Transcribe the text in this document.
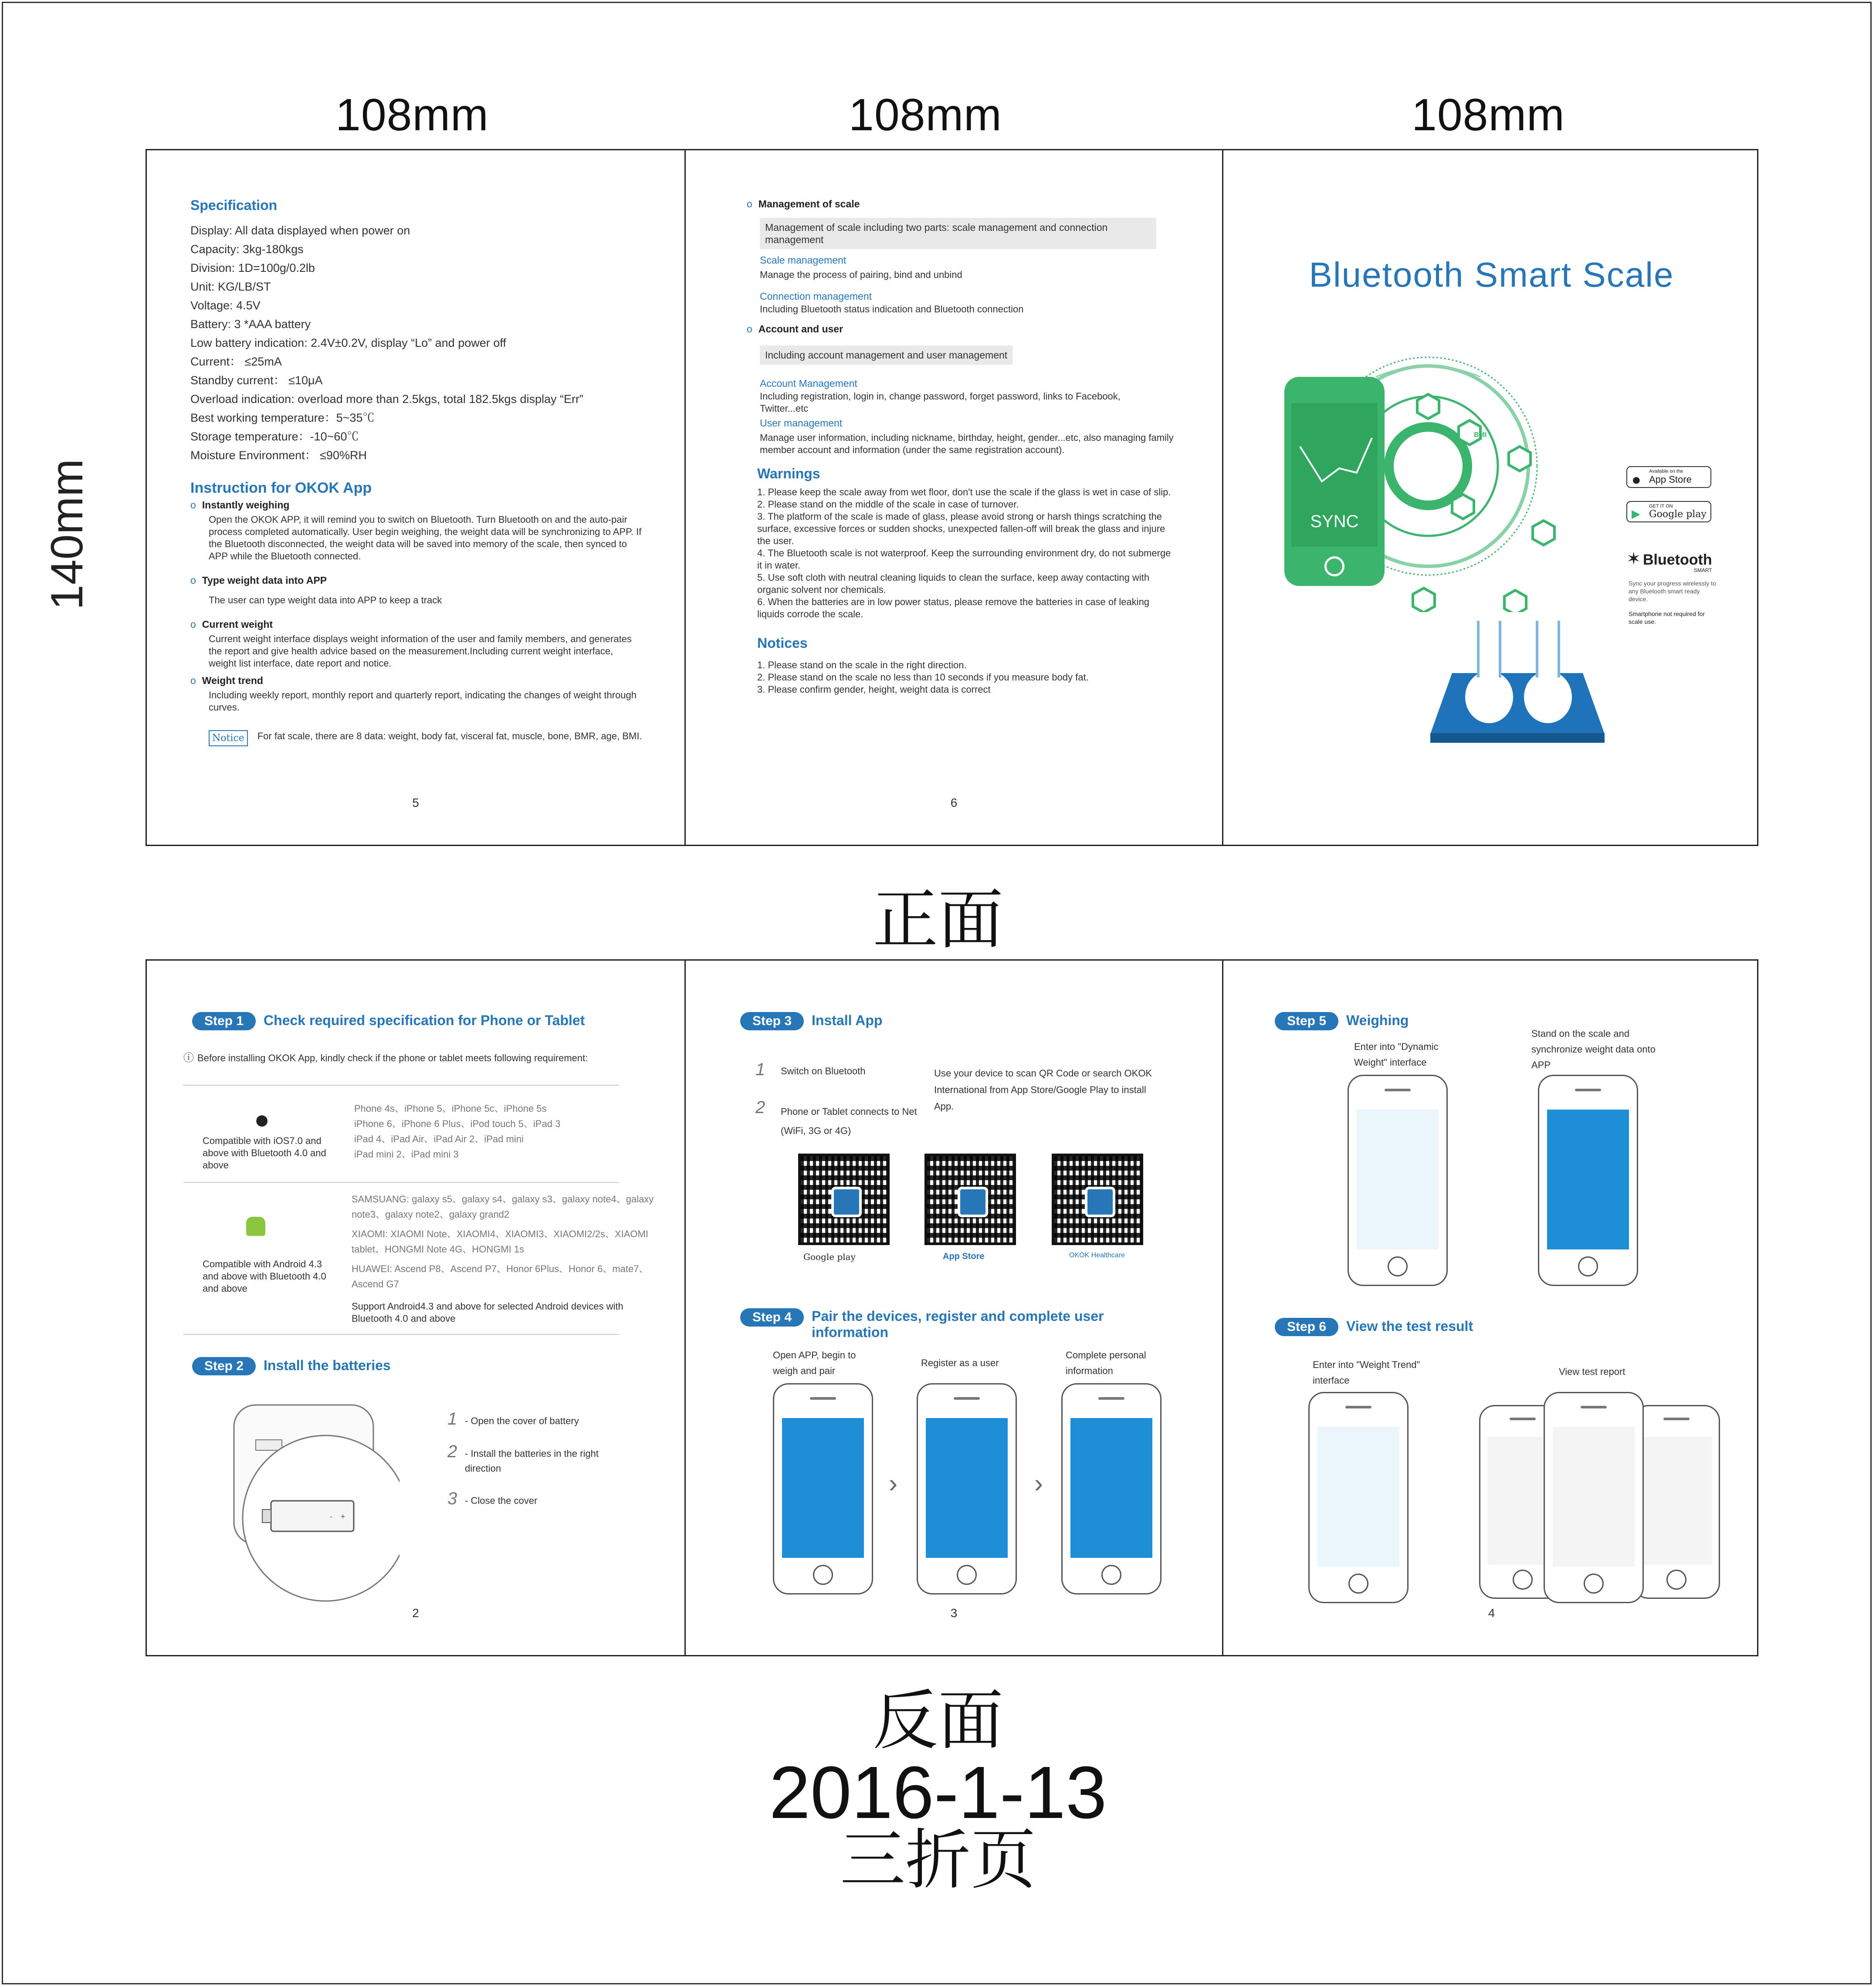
108mm	108mm	108mm
140mm
Specification
Display: All data displayed when power on
Capacity: 3kg-180kgs
Division: 1D=100g/0.2lb
Unit: KG/LB/ST
Voltage: 4.5V
Battery: 3 *AAA battery
Low battery indication: 2.4V±0.2V, display “Lo” and power off
Current： ≤25mA
Standby current： ≤10μA
Overload indication: overload more than 2.5kgs, total 182.5kgs display “Err”
Best working temperature：5~35℃
Storage temperature：-10~60℃
Moisture Environment： ≤90%RH
Instruction for OKOK App
o Instantly weighing
Open the OKOK APP, it will remind you to switch on Bluetooth. Turn Bluetooth on and the auto-pair process completed automatically. User begin weighing, the weight data will be synchronizing to APP. If the Bluetooth disconnected, the weight data will be saved into memory of the scale, then synced to APP while the Bluetooth connected.
o Type weight data into APP
The user can type weight data into APP to keep a track
o Current weight
Current weight interface displays weight information of the user and family members, and generates the report and give health advice based on the measurement.Including current weight interface, weight list interface, date report and notice.
o Weight trend
Including weekly report, monthly report and quarterly report, indicating the changes of weight through curves.
Notice	For fat scale, there are 8 data: weight, body fat, visceral fat, muscle, bone, BMR, age, BMI.
5
o Management of scale
Management of scale including two parts: scale management and connection management
Scale management
Manage the process of pairing, bind and unbind
Connection management
Including Bluetooth status indication and Bluetooth connection
o Account and user
Including account management and user management
Account Management
Including registration, login in, change password, forget password, links to Facebook, Twitter...etc
User management
Manage user information, including nickname, birthday, height, gender...etc, also managing family member account and information (under the same registration account).
Warnings
1. Please keep the scale away from wet floor, don't use the scale if the glass is wet in case of slip.
2. Please stand on the middle of the scale in case of turnover.
3. The platform of the scale is made of glass, please avoid strong or harsh things scratching the surface, excessive forces or sudden shocks, unexpected fallen-off will break the glass and injure the user.
4. The Bluetooth scale is not waterproof. Keep the surrounding environment dry, do not submerge it in water.
5. Use soft cloth with neutral cleaning liquids to clean the surface, keep away contacting with organic solvent nor chemicals.
6. When the batteries are in low power status, please remove the batteries in case of leaking liquids corrode the scale.
Notices
1. Please stand on the scale in the right direction.
2. Please stand on the scale no less than 10 seconds if you measure body fat.
3. Please confirm gender, height, weight data is correct
6
Bluetooth Smart Scale
BMI
SYNC
● Available on the
App Store
▶
GET IT ON
Google play
✶ Bluetooth
SMART
Sync your progress wirelessly to any Bluetooth smart ready device.
Smartphone not required for scale use.
正面
Step 1 Check required specification for Phone or Tablet
ⓘ Before installing OKOK App, kindly check if the phone or tablet meets following requirement:
●
Compatible with iOS7.0 and above with Bluetooth 4.0 and above
Phone 4s、iPhone 5、iPhone 5c、iPhone 5s
iPhone 6、iPhone 6 Plus、iPod touch 5、iPad 3
iPad 4、iPad Air、iPad Air 2、iPad mini
iPad mini 2、iPad mini 3
Compatible with Android 4.3 and above with Bluetooth 4.0 and above
SAMSUANG: galaxy s5、galaxy s4、galaxy s3、galaxy note4、galaxy note3、galaxy note2、galaxy grand2
XIAOMI: XIAOMI Note、XIAOMI4、XIAOMI3、XIAOMI2/2s、XIAOMI tablet、HONGMI Note 4G、HONGMI 1s
HUAWEI: Ascend P8、Ascend P7、Honor 6Plus、Honor 6、mate7、Ascend G7
Support Android4.3 and above for selected Android devices with Bluetooth 4.0 and above
Step 2 Install the batteries
- +
1 - Open the cover of battery
2 - Install the batteries in the right direction
3 - Close the cover
2
Step 3 Install App
1 Switch on Bluetooth
2 Phone or Tablet connects to Net (WiFi, 3G or 4G)
Use your device to scan QR Code or search OKOK International from App Store/Google Play to install App.
Google play	App Store	OKOK Healthcare
Step 4 Pair the devices, register and complete user information
Open APP, begin to weigh and pair
Register as a user
Complete personal information
›	›
3
Step 5 Weighing
Enter into "Dynamic Weight" interface
Stand on the scale and synchronize weight data onto APP
Step 6 View the test result
Enter into "Weight Trend" interface
View test report
4
反面
2016-1-13
三折页
